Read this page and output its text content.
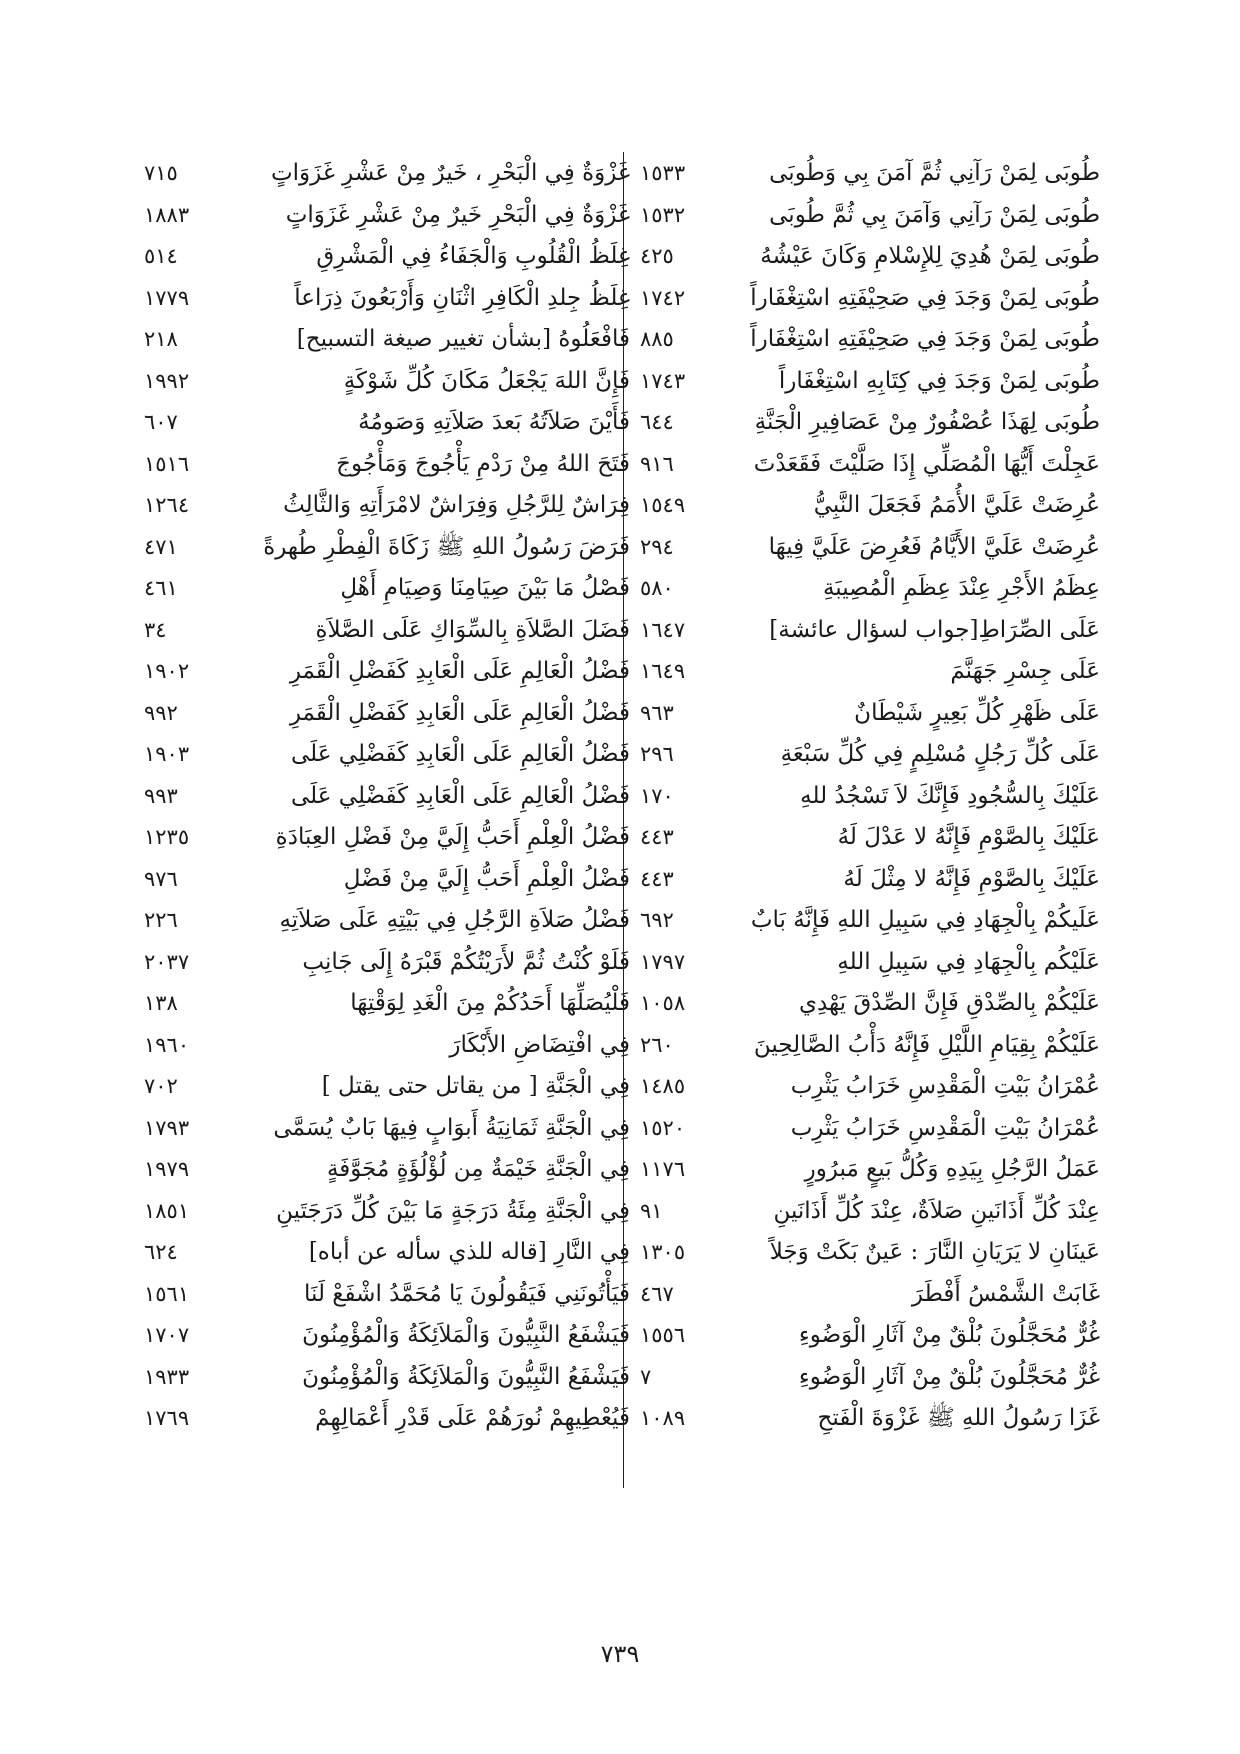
طُوبَى لِمَنْ رَآنِي ثُمَّ آمَنَ بِي وَطُوبَى
١٥٣٣
طُوبَى لِمَنْ رَآنِي وَآمَنَ بِي ثُمَّ طُوبَى
١٥٣٢
طُوبَى لِمَنْ هُدِيَ لِلإِسْلامِ وَكَانَ عَيْشُهُ
٤٢٥
طُوبَى لِمَنْ وَجَدَ فِي صَحِيْفَتِهِ اسْتِغْفَاراً
١٧٤٢
طُوبَى لِمَنْ وَجَدَ فِي صَحِيْفَتِهِ اسْتِغْفَاراً
٨٨٥
طُوبَى لِمَنْ وَجَدَ فِي كِتَابِهِ اسْتِغْفَاراً
١٧٤٣
طُوبَى لِهَذَا عُصْفُورٌ مِنْ عَصَافِيرِ الْجَنَّةِ
٦٤٤
عَجِلْتَ أَيُّهَا الْمُصَلِّي إِذَا صَلَّيْتَ فَقَعَدْتَ
٩١٦
عُرِضَتْ عَلَيَّ الأُمَمُ فَجَعَلَ النَّبِيُّ
١٥٤٩
عُرِضَتْ عَلَيَّ الأَيَّامُ فَعُرِضَ عَلَيَّ فِيهَا
٢٩٤
عِظَمُ الأَجْرِ عِنْدَ عِظَمِ الْمُصِيبَةِ
٥٨٠
عَلَى الصِّرَاطِ[جواب لسؤال عائشة]
١٦٤٧
عَلَى جِسْرِ جَهَنَّمَ
١٦٤٩
عَلَى ظَهْرِ كُلِّ بَعِيرٍ شَيْطَانٌ
٩٦٣
عَلَى كُلِّ رَجُلٍ مُسْلِمٍ فِي كُلِّ سَبْعَةِ
٢٩٦
عَلَيْكَ بِالسُّجُودِ فَإِنَّكَ لاَ تَسْجُدُ للهِ
١٧٠
عَلَيْكَ بِالصَّوْمِ فَإِنَّهُ لا عَدْلَ لَهُ
٤٤٣
عَلَيْكَ بِالصَّوْمِ فَإِنَّهُ لا مِثْلَ لَهُ
٤٤٣
عَلَيكُمْ بِالْجِهَادِ فِي سَبِيلِ اللهِ فَإِنَّهُ بَابٌ
٦٩٢
عَلَيْكُم بِالْجِهَادِ فِي سَبِيلِ اللهِ
١٧٩٧
عَلَيْكُمْ بِالصِّدْقِ فَإِنَّ الصِّدْقَ يَهْدِي
١٠٥٨
عَلَيْكُمْ بِقِيَامِ اللَّيْلِ فَإِنَّهُ دَأْبُ الصَّالِحِينَ
٢٦٠
عُمْرَانُ بَيْتِ الْمَقْدِسِ خَرَابُ يَثْرِب
١٤٨٥
عُمْرَانُ بَيْتِ الْمَقْدِسِ خَرَابُ يَثْرِب
١٥٢٠
عَمَلُ الرَّجُلِ بِيَدِهِ وَكُلُّ بَيعٍ مَبرُورٍ
١١٧٦
عِنْدَ كُلِّ أَذَانَينِ صَلاَةٌ، عِنْدَ كُلِّ أَذَانَينِ
٩١
عَينَانِ لا يَرَيَانِ النَّارَ : عَينٌ بَكَتْ وَجَلاً
١٣٠٥
غَابَتْ الشَّمْسُ أَفْطَرَ
٤٦٧
غُرٌّ مُحَجَّلُونَ بُلْقٌ مِنْ آثَارِ الْوَضُوءِ
١٥٥٦
غُرٌّ مُحَجَّلُونَ بُلْقٌ مِنْ آثَارِ الْوَضُوءِ
٧
غَزَا رَسُولُ اللهِ ﷺ غَزْوَةَ الْفَتحِ
١٠٨٩
غَزْوَةٌ فِي الْبَحْرِ ، خَيرٌ مِنْ عَشْرِ غَزَوَاتٍ
٧١٥
غَزْوَةٌ فِي الْبَحْرِ خَيرٌ مِنْ عَشْرِ غَزَوَاتٍ
١٨٨٣
غِلَظُ الْقُلُوبِ وَالْجَفَاءُ فِي الْمَشْرِقِ
٥١٤
غِلَظُ جِلدِ الْكَافِرِ اثْنَانِ وَأَرْبَعُونَ ذِرَاعاً
١٧٧٩
فَافْعَلُوهُ [بشأن تغيير صيغة التسبيح]
٢١٨
فَإِنَّ اللهَ يَجْعَلُ مَكَانَ كُلِّ شَوْكَةٍ
١٩٩٢
فَأَيْنَ صَلاَتُهُ بَعدَ صَلاَتِهِ وَصَومُهُ
٦٠٧
فَتَحَ اللهُ مِنْ رَدْمِ يَأْجُوجَ وَمَأْجُوجَ
١٥١٦
فِرَاشٌ لِلرَّجُلِ وَفِرَاشٌ لامْرَأَتِهِ وَالثَّالِثُ
١٢٦٤
فَرَضَ رَسُولُ اللهِ ﷺ زَكَاةَ الْفِطْرِ طُهرةً
٤٧١
فَصْلُ مَا بَيْنَ صِيَامِنَا وَصِيَامِ أَهْلِ
٤٦١
فَضَلَ الصَّلاَةِ بِالسِّوَاكِ عَلَى الصَّلاَةِ
٣٤
فَضْلُ الْعَالِمِ عَلَى الْعَابِدِ كَفَضْلِ الْقَمَرِ
١٩٠٢
فَضْلُ الْعَالِمِ عَلَى الْعَابِدِ كَفَضْلِ الْقَمَرِ
٩٩٢
فَضْلُ الْعَالِمِ عَلَى الْعَابِدِ كَفَضْلِي عَلَى
١٩٠٣
فَضْلُ الْعَالِمِ عَلَى الْعَابِدِ كَفَضْلِي عَلَى
٩٩٣
فَضْلُ الْعِلْمِ أَحَبُّ إِلَيَّ مِنْ فَضْلِ العِبَادَةِ
١٢٣٥
فَضْلُ الْعِلْمِ أَحَبُّ إِلَيَّ مِنْ فَضْلِ
٩٧٦
فَضْلُ صَلاَةِ الرَّجُلِ فِي بَيْتِهِ عَلَى صَلاَتِهِ
٢٢٦
فَلَوْ كُنْتُ ثُمَّ لأَرَيْتُكُمْ قَبْرَهُ إِلَى جَانِبِ
٢٠٣٧
فَلْيُصَلِّهَا أَحَدُكُمْ مِنَ الْغَدِ لِوَقْتِهَا
١٣٨
فِي افْتِضَاضِ الأَبْكَارَ
١٩٦٠
فِي الْجَنَّةِ [ من يقاتل حتى يقتل ]
٧٠٢
فِي الْجَنَّةِ ثَمَانِيَةُ أَبوَابٍ فِيهَا بَابٌ يُسَمَّى
١٧٩٣
فِي الْجَنَّةِ خَيْمَةٌ مِن لُؤْلُؤَةٍ مُجَوَّفَةٍ
١٩٧٩
فِي الْجَنَّةِ مِئَةُ دَرَجَةٍ مَا بَيْنَ كُلِّ دَرَجَتَينِ
١٨٥١
فِي النَّارِ [قاله للذي سأله عن أباه]
٦٢٤
فَيَأْتُونَنِي فَيَقُولُونَ يَا مُحَمَّدُ اشْفَعْ لَنَا
١٥٦١
فَيَشْفَعُ النَّبِيُّونَ وَالْمَلاَئِكَةُ وَالْمُؤْمِنُونَ
١٧٠٧
فَيَشْفَعُ النَّبِيُّونَ وَالْمَلاَئِكَةُ وَالْمُؤْمِنُونَ
١٩٣٣
فَيُعْطِيهِمْ نُورَهُمْ عَلَى قَدْرِ أَعْمَالِهِمْ
١٧٦٩
٧٣٩
